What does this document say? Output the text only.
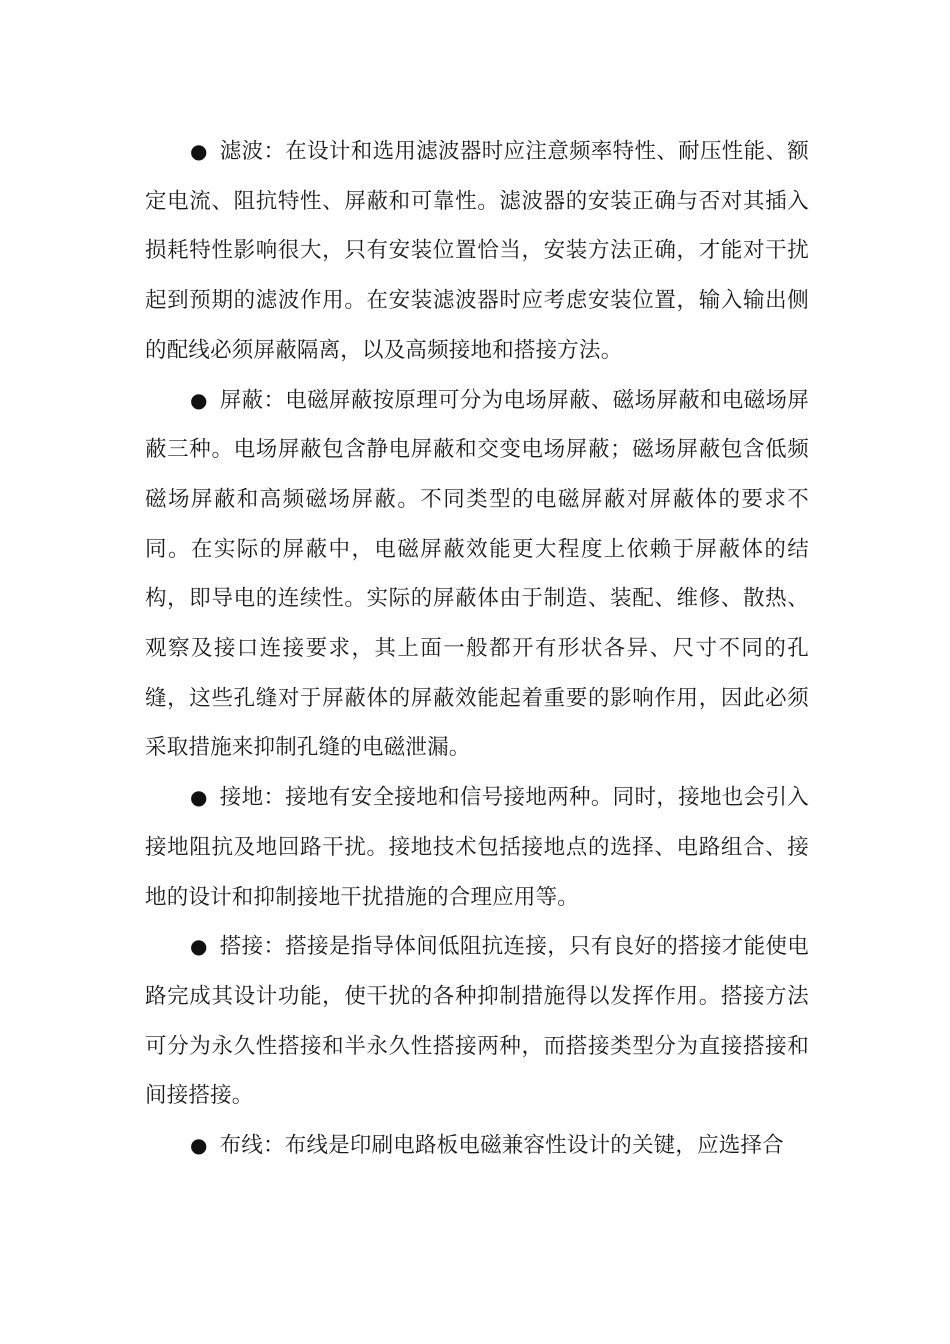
● 滤波：在设计和选用滤波器时应注意频率特性、耐压性能、额定电流、阻抗特性、屏蔽和可靠性。滤波器的安装正确与否对其插入损耗特性影响很大，只有安装位置恰当，安装方法正确，才能对干扰起到预期的滤波作用。在安装滤波器时应考虑安装位置，输入输出侧的配线必须屏蔽隔离，以及高频接地和搭接方法。

● 屏蔽：电磁屏蔽按原理可分为电场屏蔽、磁场屏蔽和电磁场屏蔽三种。电场屏蔽包含静电屏蔽和交变电场屏蔽；磁场屏蔽包含低频磁场屏蔽和高频磁场屏蔽。不同类型的电磁屏蔽对屏蔽体的要求不同。在实际的屏蔽中，电磁屏蔽效能更大程度上依赖于屏蔽体的结构，即导电的连续性。实际的屏蔽体由于制造、装配、维修、散热、观察及接口连接要求，其上面一般都开有形状各异、尺寸不同的孔缝，这些孔缝对于屏蔽体的屏蔽效能起着重要的影响作用，因此必须采取措施来抑制孔缝的电磁泄漏。

● 接地：接地有安全接地和信号接地两种。同时，接地也会引入接地阻抗及地回路干扰。接地技术包括接地点的选择、电路组合、接地的设计和抑制接地干扰措施的合理应用等。

● 搭接：搭接是指导体间低阻抗连接，只有良好的搭接才能使电路完成其设计功能，使干扰的各种抑制措施得以发挥作用。搭接方法可分为永久性搭接和半永久性搭接两种，而搭接类型分为直接搭接和间接搭接。

● 布线：布线是印刷电路板电磁兼容性设计的关键，应选择合
